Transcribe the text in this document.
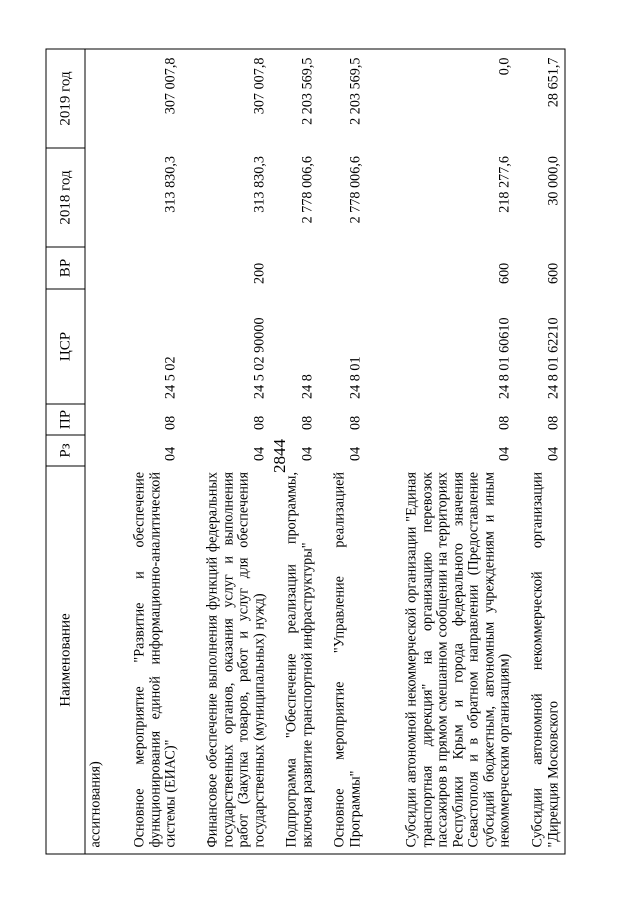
2844
Наименование	Рз	ПР	ЦСР	ВР	2018 год	2019 год
ассигнования)						
Основное мероприятие "Развитие и обеспечение функционирования единой информационно-аналитической системы (ЕИАС)"	04	08	24 5 02		313 830,3	307 007,8
Финансовое обеспечение выполнения функций федеральных государственных органов, оказания услуг и выполнения работ (Закупка товаров, работ и услуг для обеспечения государственных (муниципальных) нужд)	04	08	24 5 02 90000	200	313 830,3	307 007,8
Подпрограмма "Обеспечение реализации программы, включая развитие транспортной инфраструктуры"	04	08	24 8		2 778 006,6	2 203 569,5
Основное мероприятие "Управление реализацией Программы"	04	08	24 8 01		2 778 006,6	2 203 569,5
Субсидии автономной некоммерческой организации "Единая транспортная дирекция" на организацию перевозок пассажиров в прямом смешанном сообщении на территориях Республики Крым и города федерального значения Севастополя и в обратном направлении (Предоставление субсидий бюджетным, автономным учреждениям и иным некоммерческим организациям)	04	08	24 8 01 60610	600	218 277,6	0,0
Субсидии автономной некоммерческой организации "Дирекция Московского	04	08	24 8 01 62210	600	30 000,0	28 651,7
